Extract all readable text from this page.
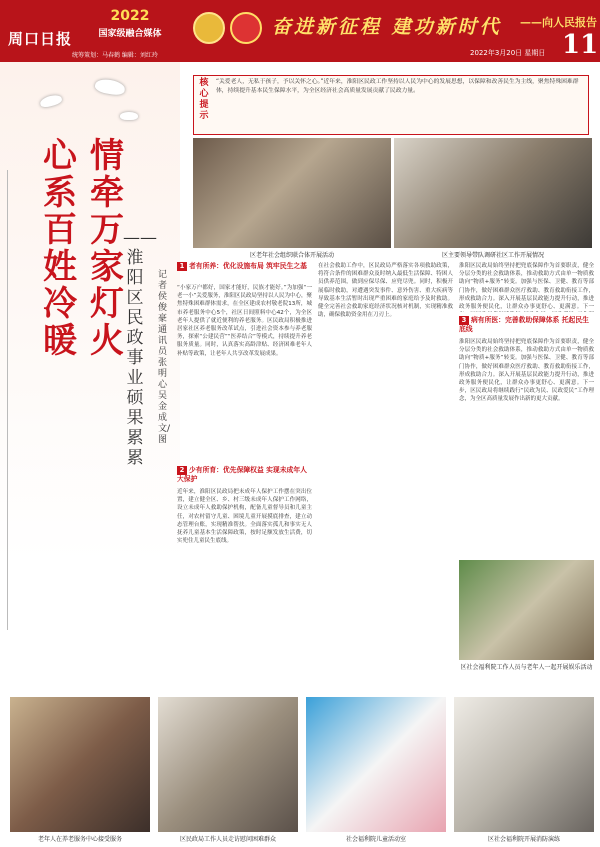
周口日报
2022
国家级融合媒体	奋进新征程 建功新时代 ——向人民报告
统筹策划：马春鹤 编辑：刘红玲	2022年3月20日 星期日 11
心系百姓冷暖
情牵万家灯火
——淮阳区民政事业硕果累累
记者 侯俊豪 通讯员 张明心 吴金成 文/图
核心提示
“关爱老人，无私于孩子，予以关怀之心。”近年来，淮阳区民政工作坚持以人民为中心的发展思想，以保障和改善民生为主线，聚焦特殊困难群体，持续提升基本民生保障水平，为全区经济社会高质量发展贡献了民政力量。
区老年社会组织联合体开展活动	区主要领导带队调研社区工作开展情况
1 者有所养：优化设施布局 筑牢民生之基
“小家万户都好，国家才能好，民族才能好。”为加强“一老一小”关爱服务，淮阳区民政局坚持以人民为中心，聚焦特殊困难群体需求，在全区建成农村敬老院13所，城市养老服务中心5个，社区日间照料中心42个，为全区老年人提供了就近便利的养老服务。区民政局积极推进居家社区养老服务改革试点，引进社会资本参与养老服务，探索“公建民营”“医养结合”等模式，持续提升养老服务质量。同时，认真落实高龄津贴、经济困难老年人补贴等政策，让老年人共享改革发展成果。
2 少有所育：优先保障权益 实现未成年人大保护
近年来，淮阳区民政局把未成年人保护工作摆在突出位置，建立健全区、乡、村三级未成年人保护工作网络，设立未成年人救助保护机构，配备儿童督导员和儿童主任，对农村留守儿童、困境儿童开展摸底排查，建立动态管理台账，实现精准帮扶。全面落实孤儿和事实无人抚养儿童基本生活保障政策，按时足额发放生活费，切实兜住儿童民生底线。
在社会救助工作中，区民政局严格落实各项救助政策，将符合条件的困难群众及时纳入最低生活保障、特困人员供养范围，做到应保尽保、应兜尽兜。同时，积极开展临时救助，对遭遇突发事件、意外伤害、重大疾病等导致基本生活暂时出现严重困难的家庭给予及时救助。健全完善社会救助家庭经济状况核对机制，实现精准救助，确保救助资金用在刀刃上。
淮阳区民政局始终坚持把兜底保障作为首要职责，健全分层分类的社会救助体系，推动救助方式由单一物质救助向“物质+服务”转变。加强与医保、卫健、教育等部门协作，做好困难群众医疗救助、教育救助衔接工作，形成救助合力。深入开展基层民政能力提升行动，推进政务服务便民化，让群众办事更舒心、更满意。下一
3 病有所医：完善救助保障体系 托起民生底线
淮阳区民政局始终坚持把兜底保障作为首要职责，健全分层分类的社会救助体系，推动救助方式由单一物质救助向“物质+服务”转变。加强与医保、卫健、教育等部门协作，做好困难群众医疗救助、教育救助衔接工作，形成救助合力。深入开展基层民政能力提升行动，推进政务服务便民化，让群众办事更舒心、更满意。下一步，区民政局将继续践行“民政为民、民政爱民”工作理念，为全区高质量发展作出新的更大贡献。
区社会福利院工作人员与老年人一起开展娱乐活动
老年人在养老服务中心接受服务	区民政局工作人员走访慰问困难群众	社会福利院儿童活动室	区社会福利院开展消防演练
